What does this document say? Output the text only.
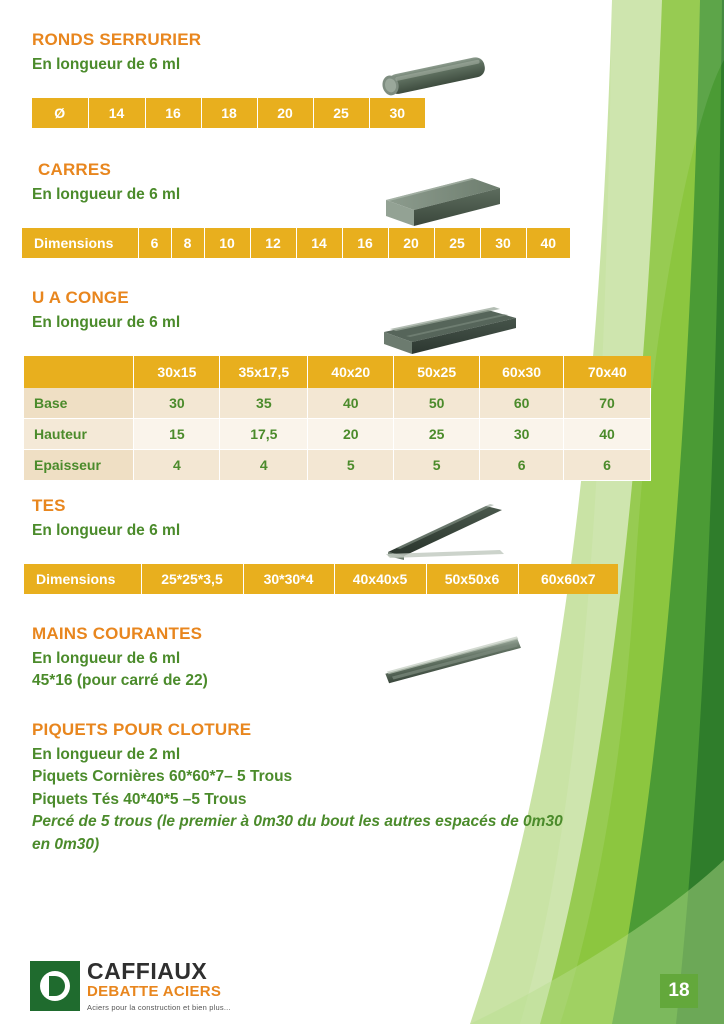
RONDS SERRURIER
En longueur de 6 ml
Ø	14	16	18	20	25	30
CARRES
En longueur de 6 ml
Dimensions	6	8	10	12	14	16	20	25	30	40
U A CONGE
En longueur de 6 ml
	30x15	35x17,5	40x20	50x25	60x30	70x40
Base	30	35	40	50	60	70
Hauteur	15	17,5	20	25	30	40
Epaisseur	4	4	5	5	6	6
TES
En longueur de 6 ml
Dimensions	25*25*3,5	30*30*4	40x40x5	50x50x6	60x60x7
MAINS COURANTES
En longueur de 6 ml
45*16 (pour carré de 22)
PIQUETS POUR CLOTURE
En longueur de 2 ml
Piquets Cornières 60*60*7– 5 Trous
Piquets Tés 40*40*5 –5 Trous
Percé de 5 trous (le premier à 0m30 du bout les autres espacés de 0m30 en 0m30)
CAFFIAUX
DEBATTE ACIERS
Aciers pour la construction et bien plus...
18
